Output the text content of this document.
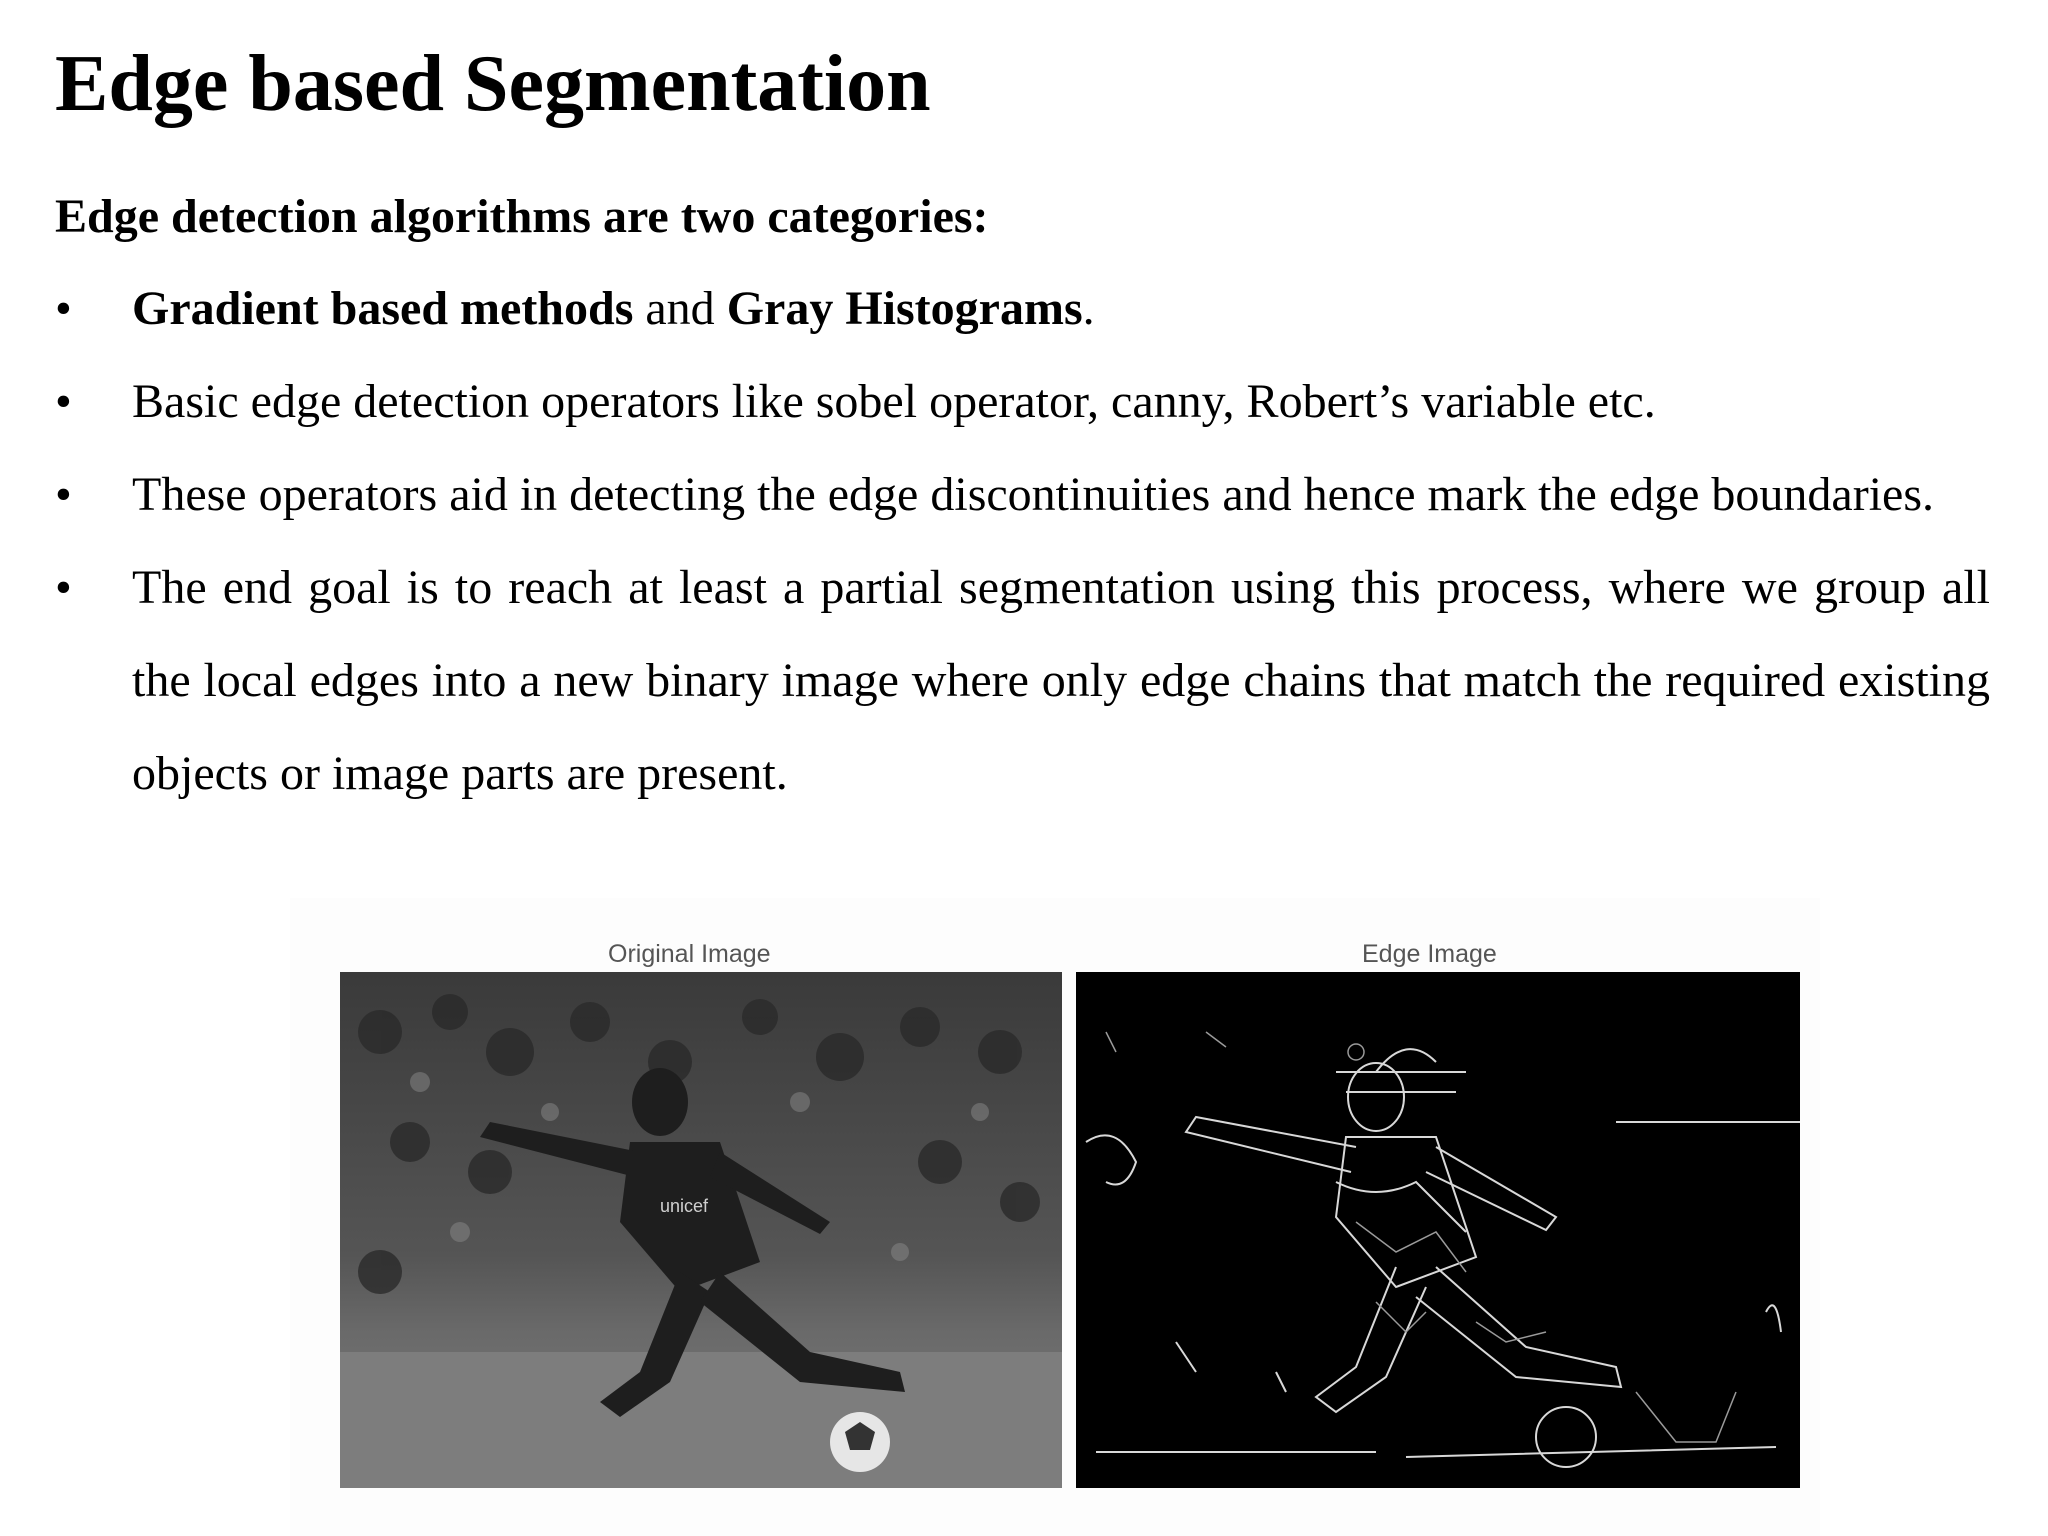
Edge based Segmentation
Edge detection algorithms are two categories:
• Gradient based methods and Gray Histograms.
• Basic edge detection operators like sobel operator, canny, Robert’s variable etc.
• These operators aid in detecting the edge discontinuities and hence mark the edge boundaries.
• The end goal is to reach at least a partial segmentation using this process, where we group all the local edges into a new binary image where only edge chains that match the required existing objects or image parts are present.
Original Image	Edge Image
unicef
